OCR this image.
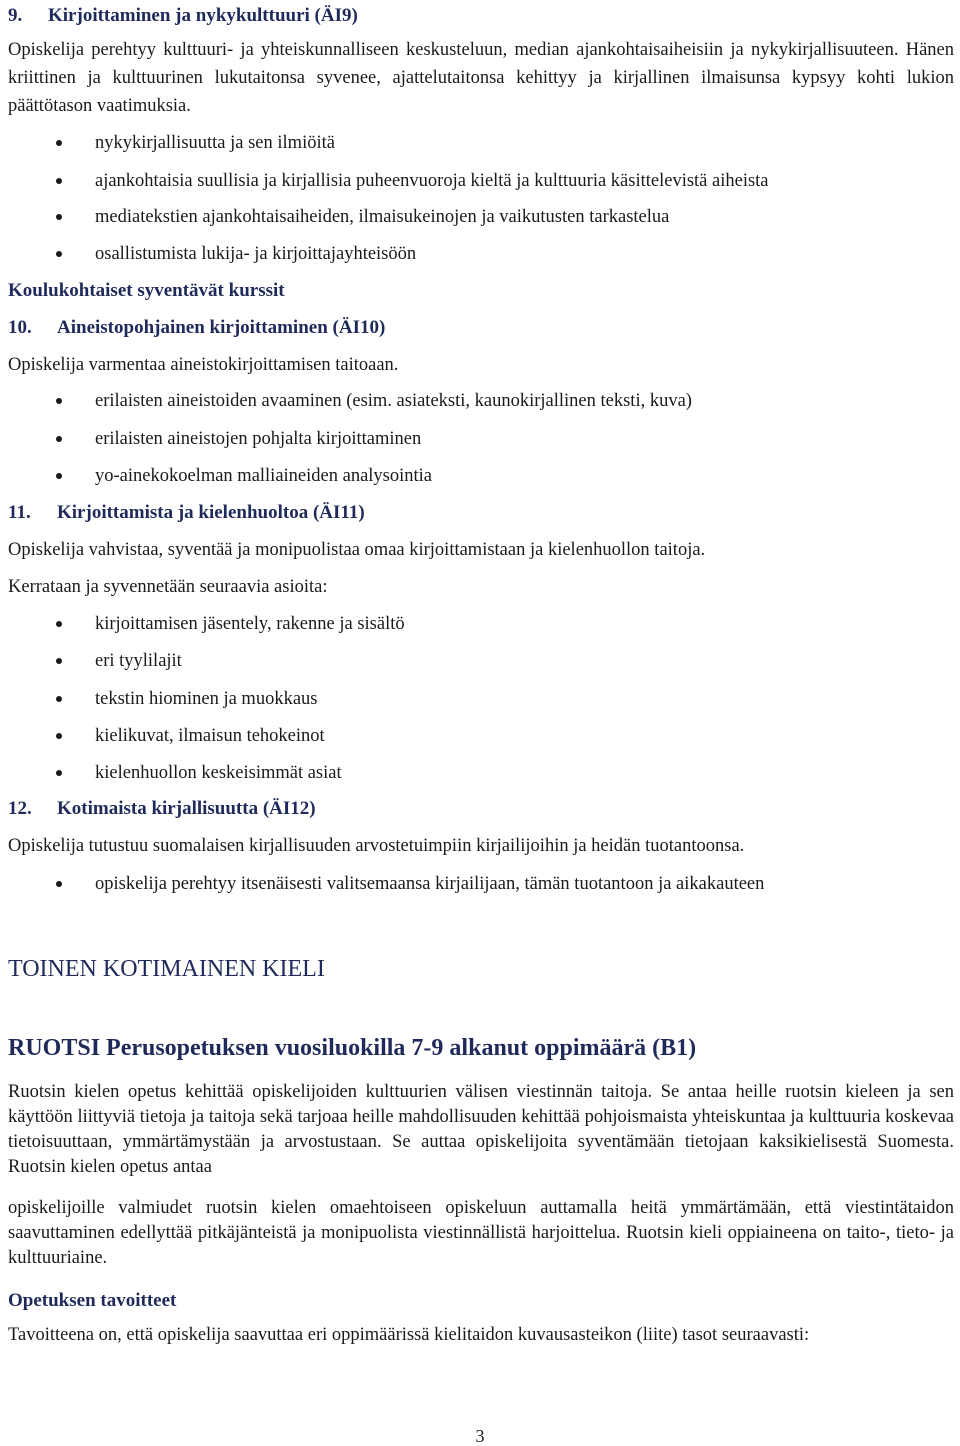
9. Kirjoittaminen ja nykykulttuuri (ÄI9)

Opiskelija perehtyy kulttuuri- ja yhteiskunnalliseen keskusteluun, median ajankohtaisaiheisiin ja nykykirjallisuuteen. Hänen kriittinen ja kulttuurinen lukutaitonsa syvenee, ajattelutaitonsa kehittyy ja kirjallinen ilmaisunsa kypsyy kohti lukion päättötason vaatimuksia.

nykykirjallisuutta ja sen ilmiöitä
ajankohtaisia suullisia ja kirjallisia puheenvuoroja kieltä ja kulttuuria käsittelevistä aiheista
mediatekstien ajankohtaisaiheiden, ilmaisukeinojen ja vaikutusten tarkastelua
osallistumista lukija- ja kirjoittajayhteisöön
Koulukohtaiset syventävät kurssit
10. Aineistopohjainen kirjoittaminen (ÄI10)
Opiskelija varmentaa aineistokirjoittamisen taitoaan.
erilaisten aineistoiden avaaminen (esim. asiateksti, kaunokirjallinen teksti, kuva)
erilaisten aineistojen pohjalta kirjoittaminen
yo-ainekokoelman malliaineiden analysointia
11. Kirjoittamista ja kielenhuoltoa (ÄI11)
Opiskelija vahvistaa, syventää ja monipuolistaa omaa kirjoittamistaan ja kielenhuollon taitoja.
Kerrataan ja syvennetään seuraavia asioita:
kirjoittamisen jäsentely, rakenne ja sisältö
eri tyylilajit
tekstin hiominen ja muokkaus
kielikuvat, ilmaisun tehokeinot
kielenhuollon keskeisimmät asiat
12. Kotimaista kirjallisuutta (ÄI12)
Opiskelija tutustuu suomalaisen kirjallisuuden arvostetuimpiin kirjailijoihin ja heidän tuotantoonsa.
opiskelija perehtyy itsenäisesti valitsemaansa kirjailijaan, tämän tuotantoon ja aikakauteen
TOINEN KOTIMAINEN KIELI
RUOTSI Perusopetuksen vuosiluokilla 7-9 alkanut oppimäärä (B1)

Ruotsin kielen opetus kehittää opiskelijoiden kulttuurien välisen viestinnän taitoja. Se antaa heille ruotsin kieleen ja sen käyttöön liittyviä tietoja ja taitoja sekä tarjoaa heille mahdollisuuden kehittää pohjoismaista yhteiskuntaa ja kulttuuria koskevaa tietoisuuttaan, ymmärtämystään ja arvostustaan. Se auttaa opiskelijoita syventämään tietojaan kaksikielisestä Suomesta. Ruotsin kielen opetus antaa

opiskelijoille valmiudet ruotsin kielen omaehtoiseen opiskeluun auttamalla heitä ymmärtämään, että viestintätaidon saavuttaminen edellyttää pitkäjänteistä ja monipuolista viestinnällistä harjoittelua. Ruotsin kieli oppiaineena on taito-, tieto- ja kulttuuriaine.

Opetuksen tavoitteet

Tavoitteena on, että opiskelija saavuttaa eri oppimäärissä kielitaidon kuvausasteikon (liite) tasot seuraavasti:

3
